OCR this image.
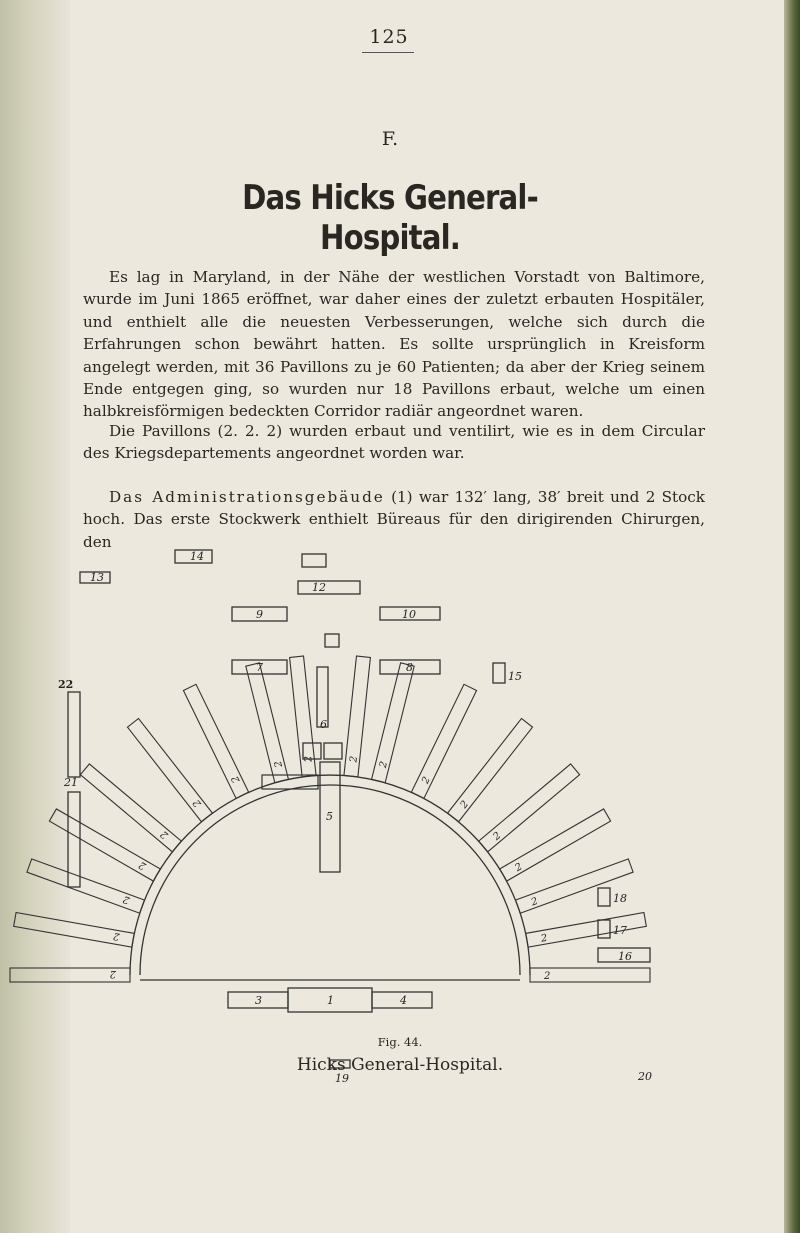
125
F.
Das Hicks General-Hospital.

Es lag in Maryland, in der Nähe der westlichen Vorstadt von Baltimore, wurde im Juni 1865 eröffnet, war daher eines der zuletzt erbauten Hospitäler, und enthielt alle die neuesten Verbesserungen, welche sich durch die Erfahrungen schon bewährt hatten. Es sollte ursprünglich in Kreisform angelegt werden, mit 36 Pavillons zu je 60 Patienten; da aber der Krieg seinem Ende entgegen ging, so wurden nur 18 Pavillons erbaut, welche um einen halbkreisförmigen bedeckten Corridor radiär angeordnet waren.

Die Pavillons (2. 2. 2) wurden erbaut und ventilirt, wie es in dem Circular des Kriegsdepartements angeordnet worden war.

Das Administrationsgebäude (1) war 132′ lang, 38′ breit und 2 Stock hoch. Das erste Stockwerk enthielt Büreaus für den dirigirenden Chirurgen, den

2
2
2
2
2
2
2
2
2	2
2
2
2
2
2
2
2
2
14
13
12
9	10
7	8
15
6
22
21
5
18
17
16
3	1	4
19	20
Fig. 44.
Hicks General-Hospital.
